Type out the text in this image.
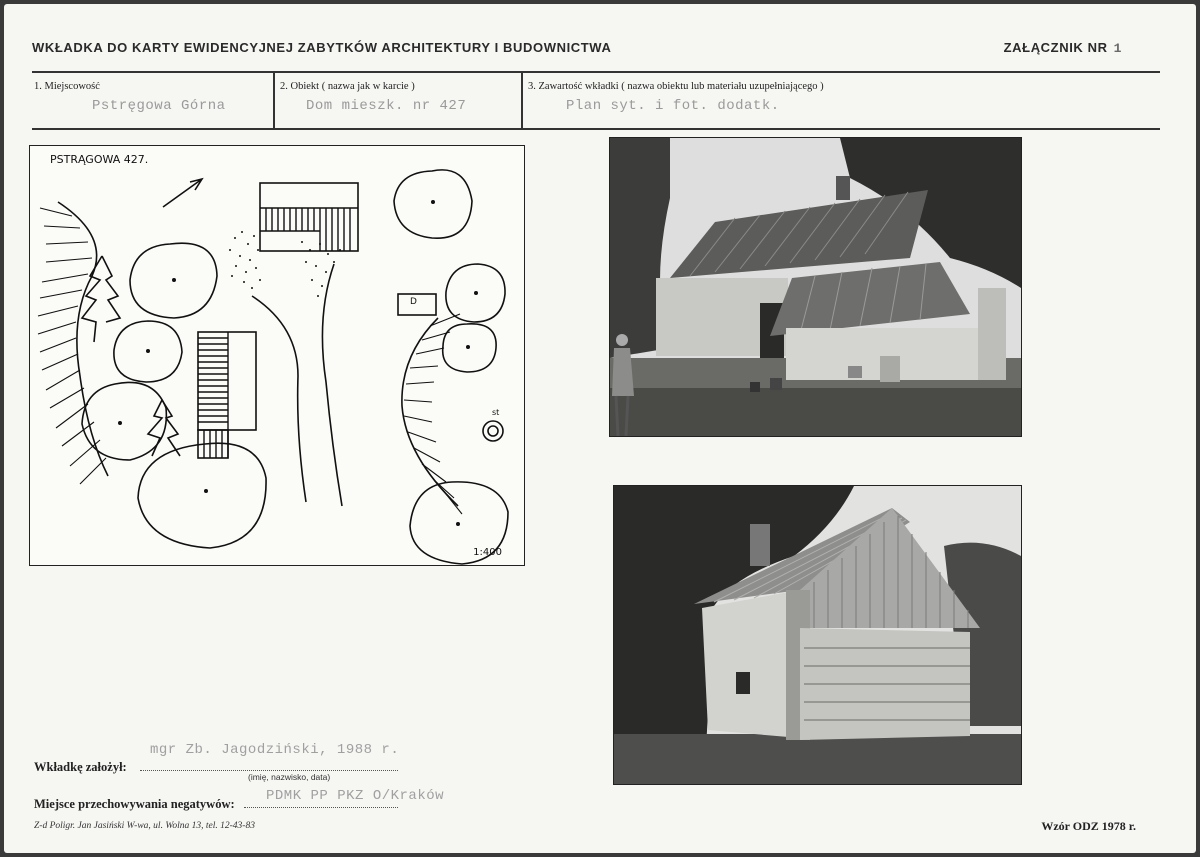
WKŁADKA DO KARTY EWIDENCYJNEJ ZABYTKÓW ARCHITEKTURY I BUDOWNICTWA	ZAŁĄCZNIK NR 1
1. Miejscowość
Pstręgowa Górna
2. Obiekt ( nazwa jak w karcie )
Dom mieszk. nr 427
3. Zawartość wkładki ( nazwa obiektu lub materiału uzupełniającego )
Plan syt. i fot. dodatk.
PSTRĄGOWA 427.
1:400
D
st
mgr Zb. Jagodziński, 1988 r.
Wkładkę założył:
(imię, nazwisko, data)
PDMK PP PKZ O/Kraków
Miejsce przechowywania negatywów:
Z-d Poligr. Jan Jasiński W-wa, ul. Wolna 13, tel. 12-43-83	Wzór ODZ 1978 r.
